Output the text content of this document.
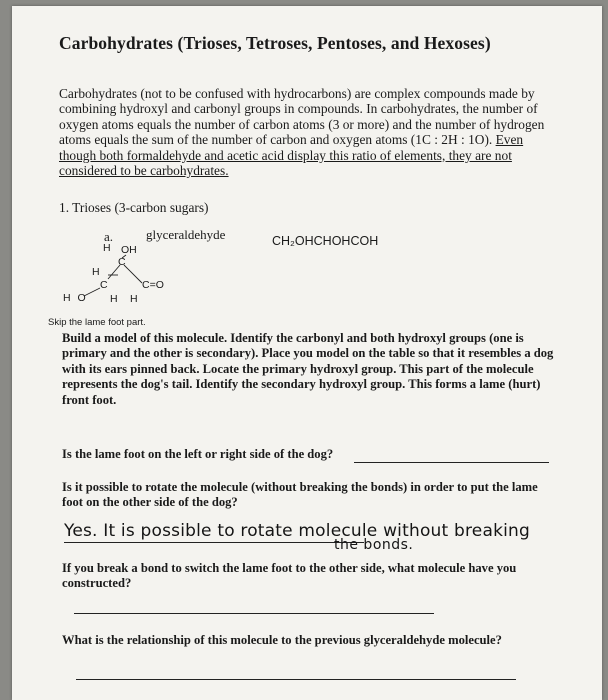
Carbohydrates (Trioses, Tetroses, Pentoses, and Hexoses)
Carbohydrates (not to be confused with hydrocarbons) are complex compounds made by combining hydroxyl and carbonyl groups in compounds. In carbohydrates, the number of oxygen atoms equals the number of carbon atoms (3 or more) and the number of hydrogen atoms equals the sum of the number of carbon and oxygen atoms (1C : 2H : 1O). Even though both formaldehyde and acetic acid display this ratio of elements, they are not considered to be carbohydrates.
1. Trioses (3-carbon sugars)
a.	glyceraldehyde	CH₂OHCHOHCOH
H OH
C
H
C	C=O
H O H H
Skip the lame foot part.
Build a model of this molecule. Identify the carbonyl and both hydroxyl groups (one is primary and the other is secondary). Place you model on the table so that it resembles a dog with its ears pinned back. Locate the primary hydroxyl group. This part of the molecule represents the dog's tail. Identify the secondary hydroxyl group. This forms a lame (hurt) front foot.
Is the lame foot on the left or right side of the dog?
Is it possible to rotate the molecule (without breaking the bonds) in order to put the lame foot on the other side of the dog?
Yes. It is possible to rotate molecule without breaking
the bonds.
If you break a bond to switch the lame foot to the other side, what molecule have you constructed?
What is the relationship of this molecule to the previous glyceraldehyde molecule?
